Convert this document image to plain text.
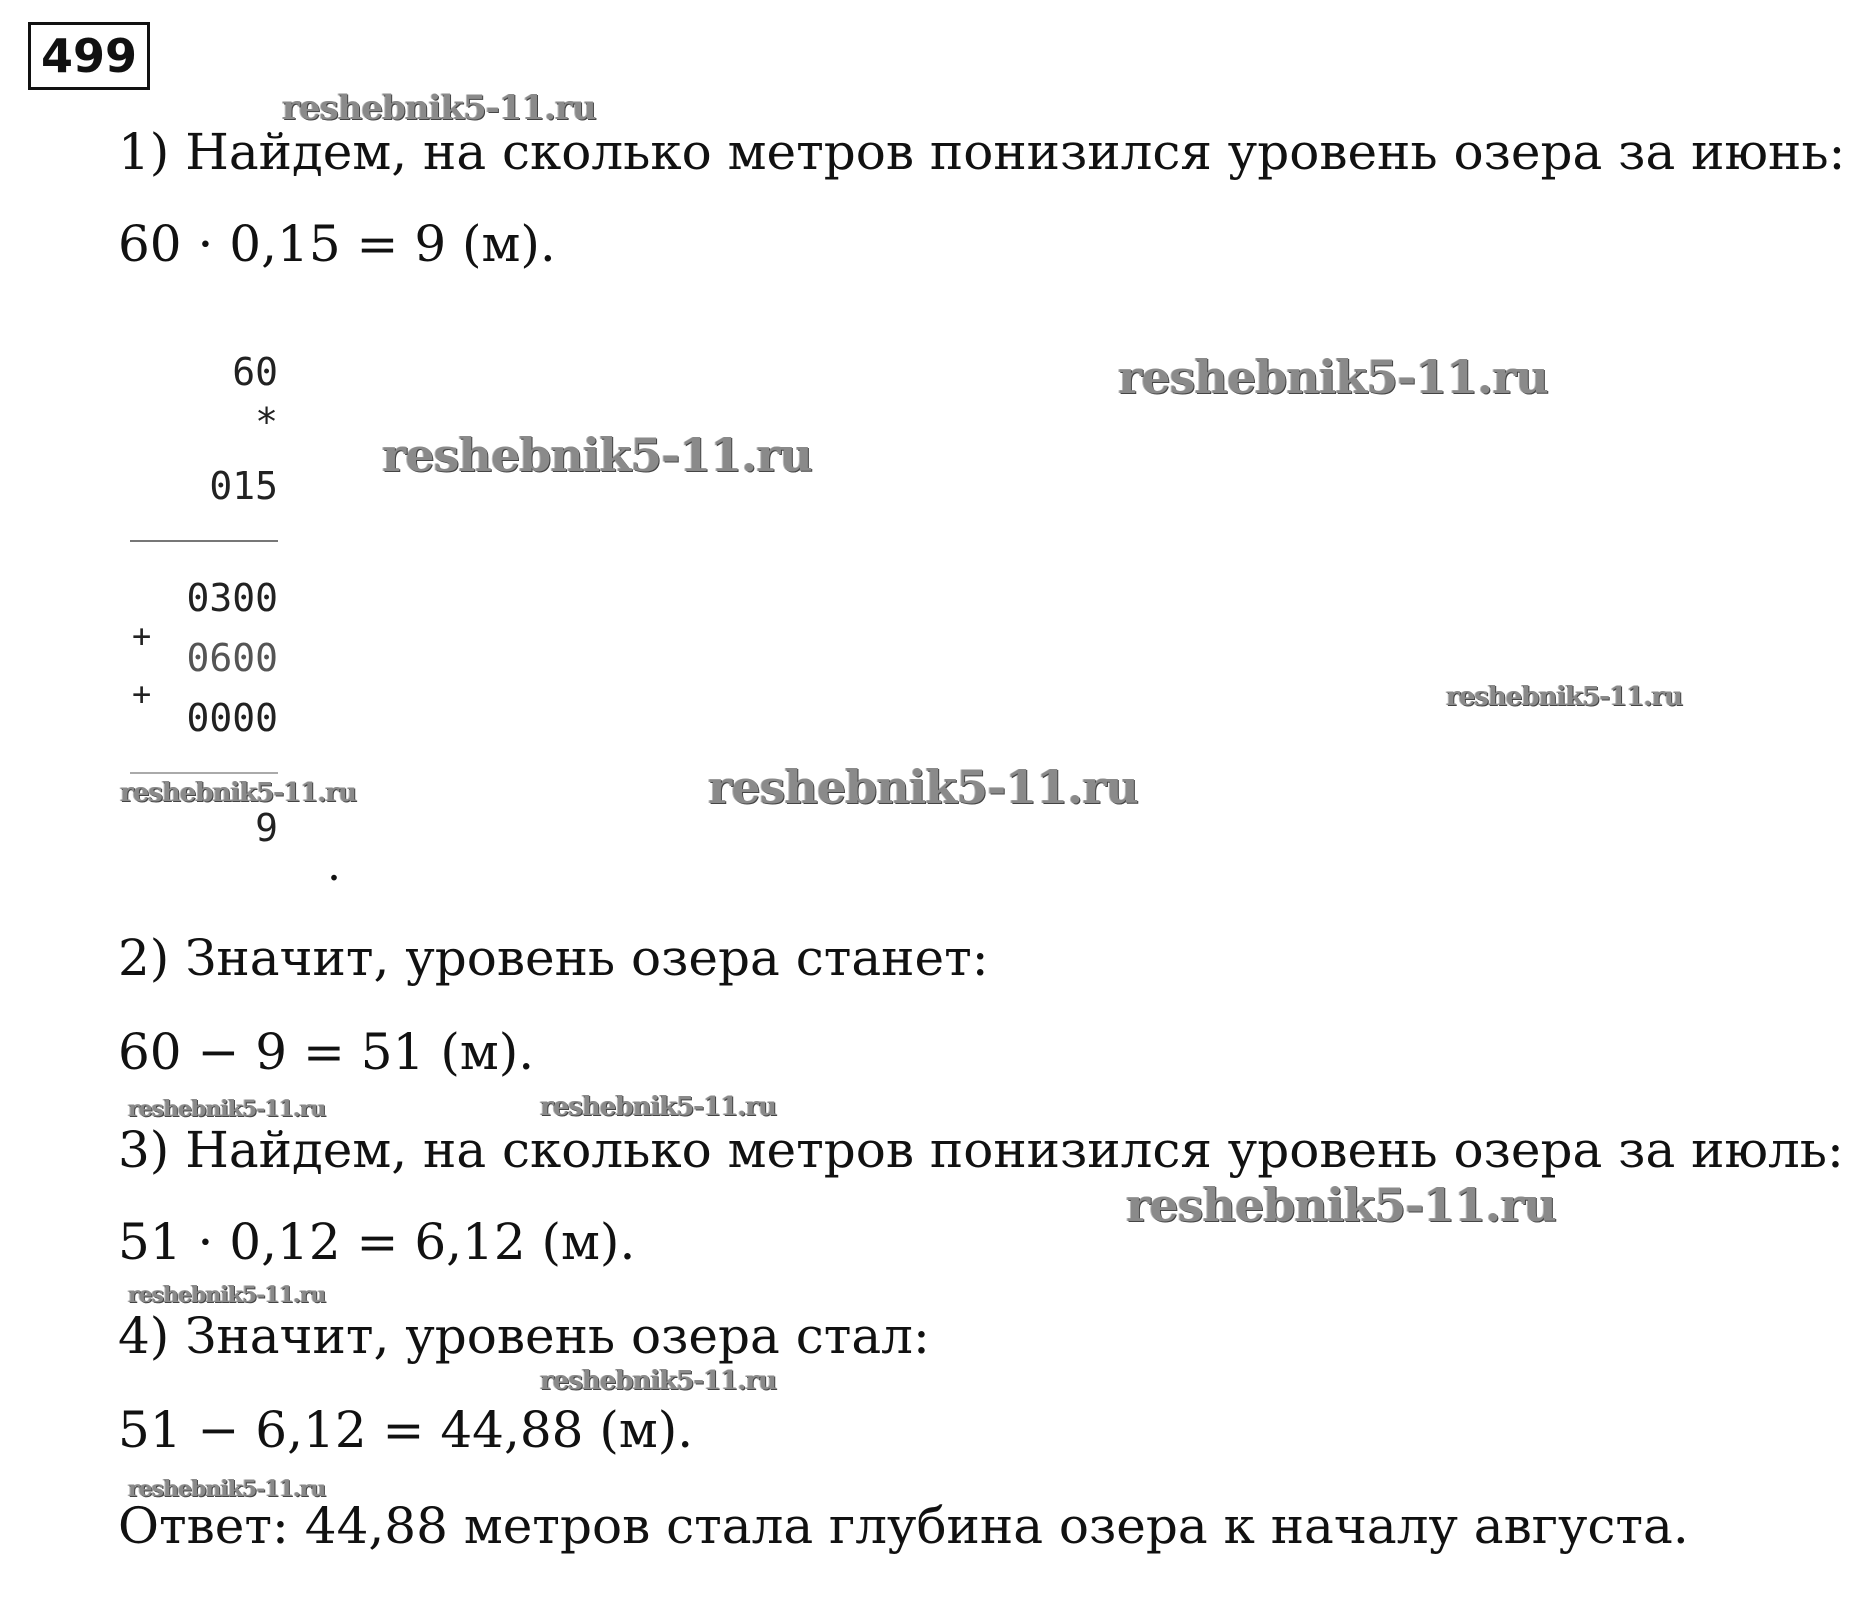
499
1) Найдем, на сколько метров понизился уровень озера за июнь:
60 · 0,15 = 9 (м).
60
*
015
0300
+ 0600
+
0000
9
.
2) Значит, уровень озера станет:
60 − 9 = 51 (м).
3) Найдем, на сколько метров понизился уровень озера за июль:
51 · 0,12 = 6,12 (м).
4) Значит, уровень озера стал:
51 − 6,12 = 44,88 (м).
Ответ: 44,88 метров стала глубина озера к началу августа.
reshebnik5-11.ru
reshebnik5-11.ru
reshebnik5-11.ru
reshebnik5-11.ru
reshebnik5-11.ru	reshebnik5-11.ru
reshebnik5-11.ru	reshebnik5-11.ru
reshebnik5-11.ru
reshebnik5-11.ru
reshebnik5-11.ru
reshebnik5-11.ru
